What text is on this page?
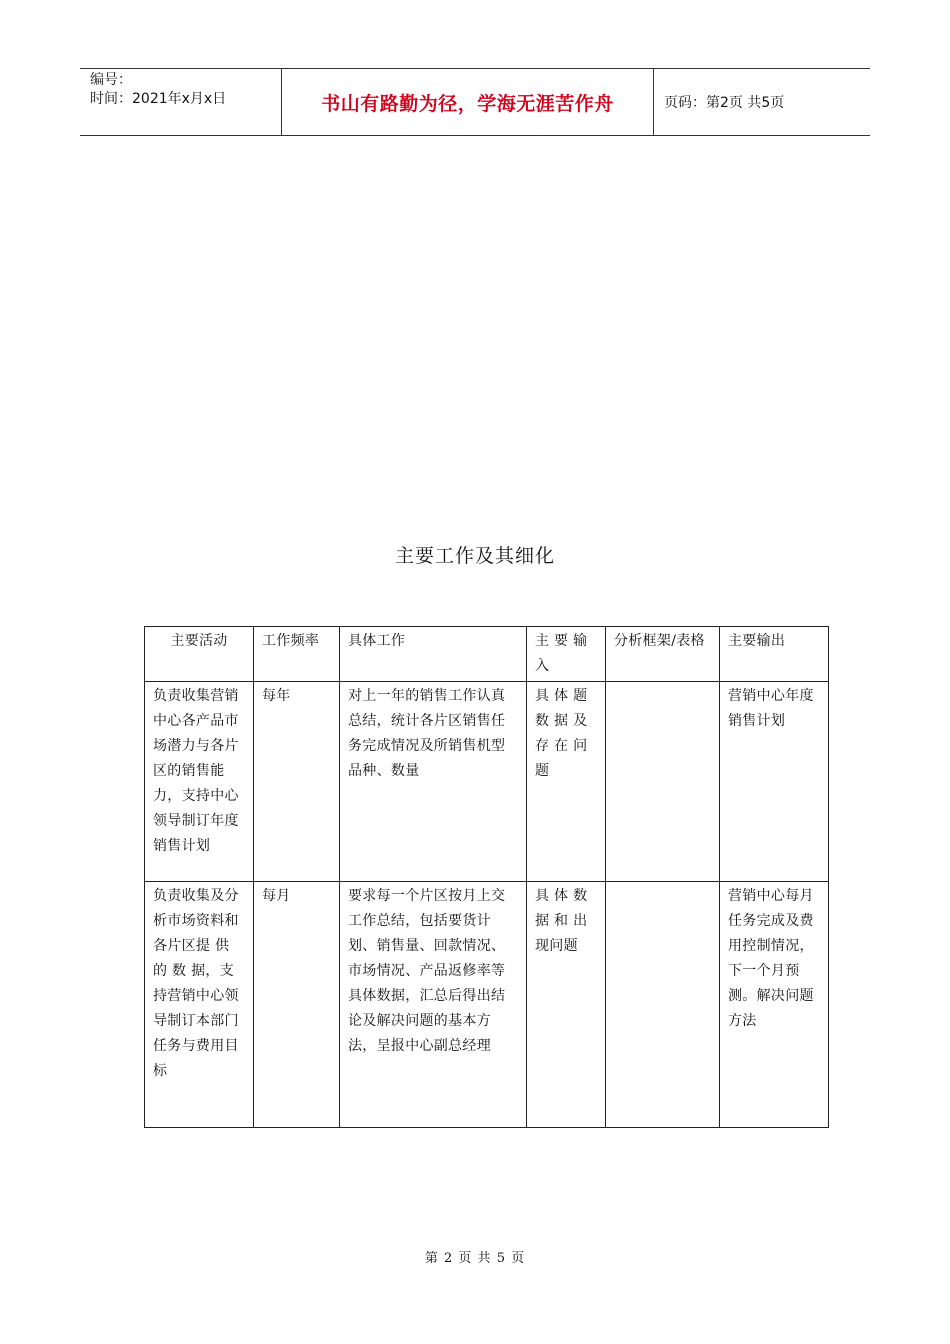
编号：
时间：2021年x月x日	书山有路勤为径，学海无涯苦作舟	页码：第2页 共5页
主要工作及其细化
主要活动	工作频率	具体工作	主 要 输 入	分析框架/表格	主要输出
负责收集营销中心各产品市场潜力与各片区的销售能力，支持中心领导制订年度销售计划	每年	对上一年的销售工作认真总结，统计各片区销售任务完成情况及所销售机型品种、数量	具 体 题 数 据 及 存 在 问 题		营销中心年度销售计划
负责收集及分析市场资料和各片区提 供 的 数 据，支持营销中心领导制订本部门任务与费用目标	每月	要求每一个片区按月上交工作总结，包括要货计划、销售量、回款情况、市场情况、产品返修率等具体数据，汇总后得出结论及解决问题的基本方法，呈报中心副总经理	具 体 数 据 和 出 现问题		营销中心每月任务完成及费用控制情况，下一个月预测。解决问题方法
第 2 页 共 5 页
